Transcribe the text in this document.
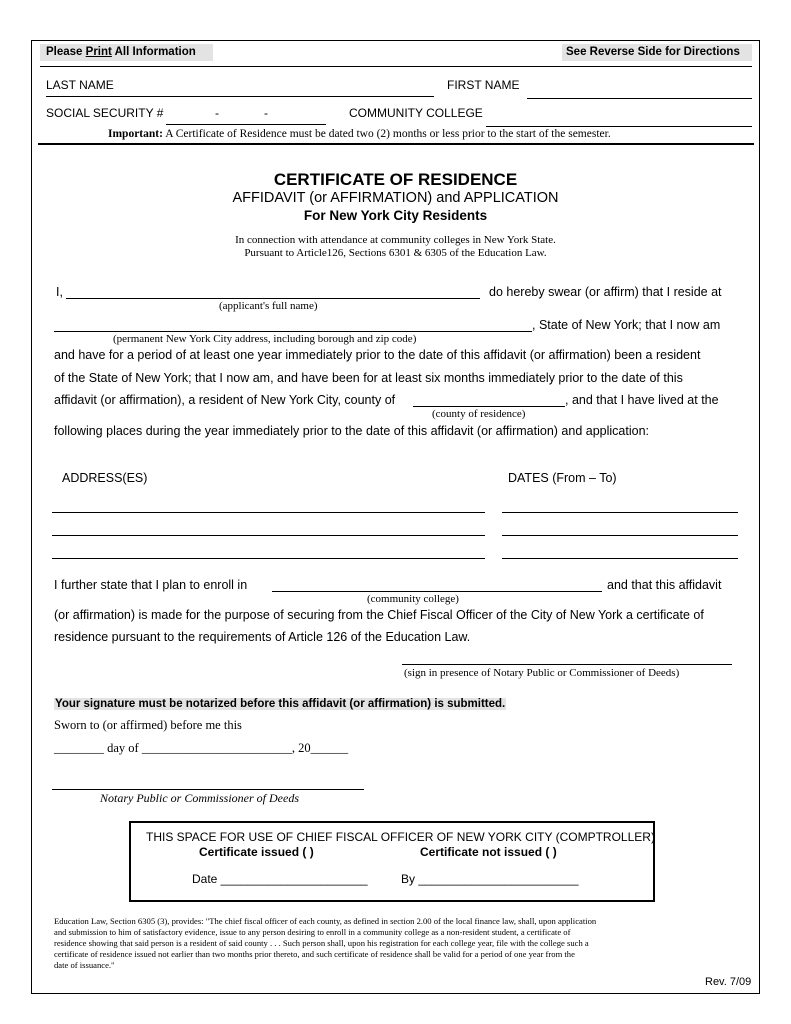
Please Print All Information	See Reverse Side for Directions
LAST NAME	FIRST NAME
SOCIAL SECURITY #	-	-	COMMUNITY COLLEGE
Important: A Certificate of Residence must be dated two (2) months or less prior to the start of the semester.
CERTIFICATE OF RESIDENCE
AFFIDAVIT (or AFFIRMATION) and APPLICATION
For New York City Residents
In connection with attendance at community colleges in New York State.
Pursuant to Article126, Sections 6301 & 6305 of the Education Law.
I,	do hereby swear (or affirm) that I reside at
(applicant's full name)
, State of New York; that I now am
(permanent New York City address, including borough and zip code)
and have for a period of at least one year immediately prior to the date of this affidavit (or affirmation) been a resident
of the State of New York; that I now am, and have been for at least six months immediately prior to the date of this
affidavit (or affirmation), a resident of New York City, county of	, and that I have lived at the
(county of residence)
following places during the year immediately prior to the date of this affidavit (or affirmation) and application:
ADDRESS(ES)	DATES (From – To)
I further state that I plan to enroll in	and that this affidavit
(community college)
(or affirmation) is made for the purpose of securing from the Chief Fiscal Officer of the City of New York a certificate of
residence pursuant to the requirements of Article 126 of the Education Law.
(sign in presence of Notary Public or Commissioner of Deeds)
Your signature must be notarized before this affidavit (or affirmation) is submitted.
Sworn to (or affirmed) before me this
________ day of ________________________, 20______
Notary Public or Commissioner of Deeds
THIS SPACE FOR USE OF CHIEF FISCAL OFFICER OF NEW YORK CITY (COMPTROLLER)
Certificate issued ( )	Certificate not issued ( )
Date ______________________	By ________________________
Education Law, Section 6305 (3), provides: "The chief fiscal officer of each county, as defined in section 2.00 of the local finance law, shall, upon application
and submission to him of satisfactory evidence, issue to any person desiring to enroll in a community college as a non-resident student, a certificate of
residence showing that said person is a resident of said county . . . Such person shall, upon his registration for each college year, file with the college such a
certificate of residence issued not earlier than two months prior thereto, and such certificate of residence shall be valid for a period of one year from the
date of issuance."
Rev. 7/09
